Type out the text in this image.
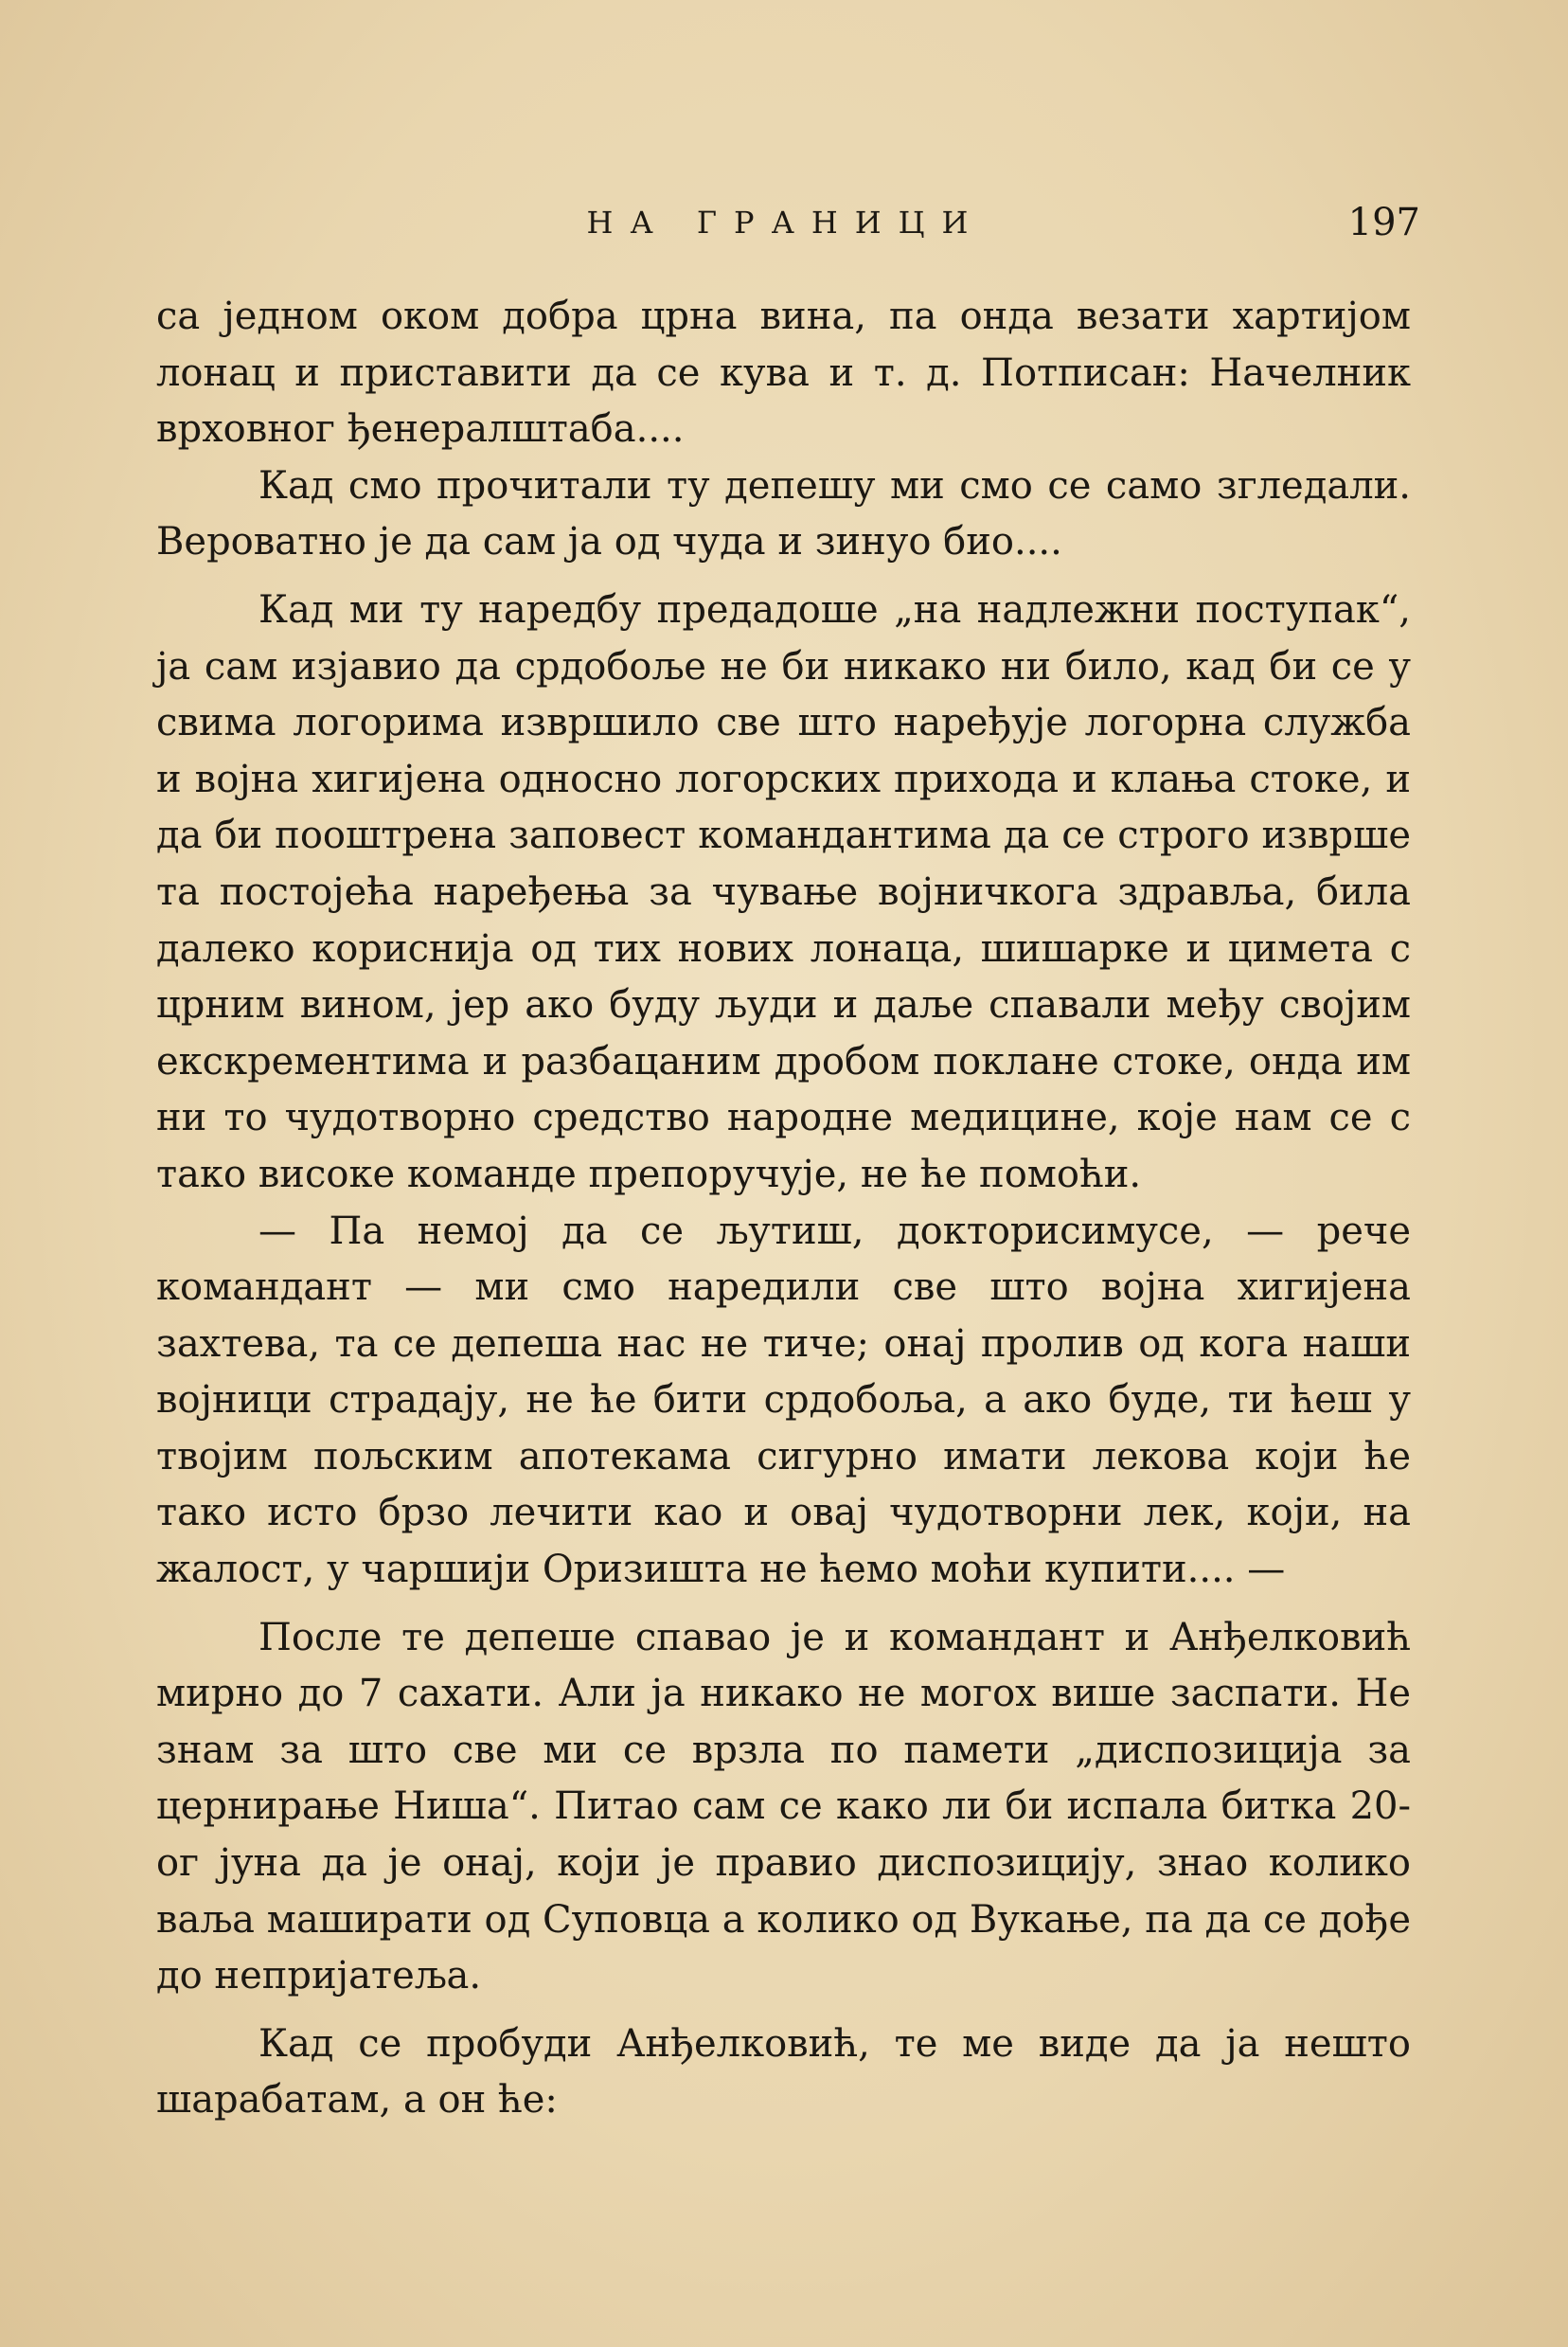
НА ГРАНИЦИ	197

са једном оком добра црна вина, па онда везати хартијом лонац и приставити да се кува и т. д. Потписан: Начелник врховног ђенералштаба....

Кад смо прочитали ту депешу ми смо се само згледали. Вероватно је да сам ја од чуда и зинуо био....

Кад ми ту наредбу предадоше „на надлежни поступак“, ја сам изјавио да срдобоље не би никако ни било, кад би се у свима логорима извршило све што наређује логорна служба и војна хигијена односно логорских прихода и клања стоке, и да би пооштрена заповест командантима да се строго изврше та постојећа наређења за чување војничкога здравља, била далеко кориснија од тих нових лонаца, шишарке и цимета с црним вином, јер ако буду људи и даље спавали међу својим екскрементима и разбацаним дробом поклане стоке, онда им ни то чудотворно средство народне медицине, које нам се с тако високе команде препоручује, не ће помоћи.

— Па немој да се љутиш, докторисимусе, — рече командант — ми смо наредили све што војна хигијена захтева, та се депеша нас не тиче; онај пролив од кога наши војници страдају, не ће бити срдобоља, а ако буде, ти ћеш у твојим пољским апотекама сигурно имати лекова који ће тако исто брзо лечити као и овај чудотворни лек, који, на жалост, у чаршији Оризишта не ћемо моћи купити.... —

После те депеше спавао је и командант и Анђелковић мирно до 7 сахати. Али ја никако не могох више заспати. Не знам за што све ми се врзла по памети „диспозиција за цернирање Ниша“. Питао сам се како ли би испала битка 20-ог јуна да је онај, који је правио диспозицију, знао колико ваља маширати од Суповца а колико од Вукање, па да се дође до непријатеља.

Кад се пробуди Анђелковић, те ме виде да ја нешто шарабатам, а он ће:
